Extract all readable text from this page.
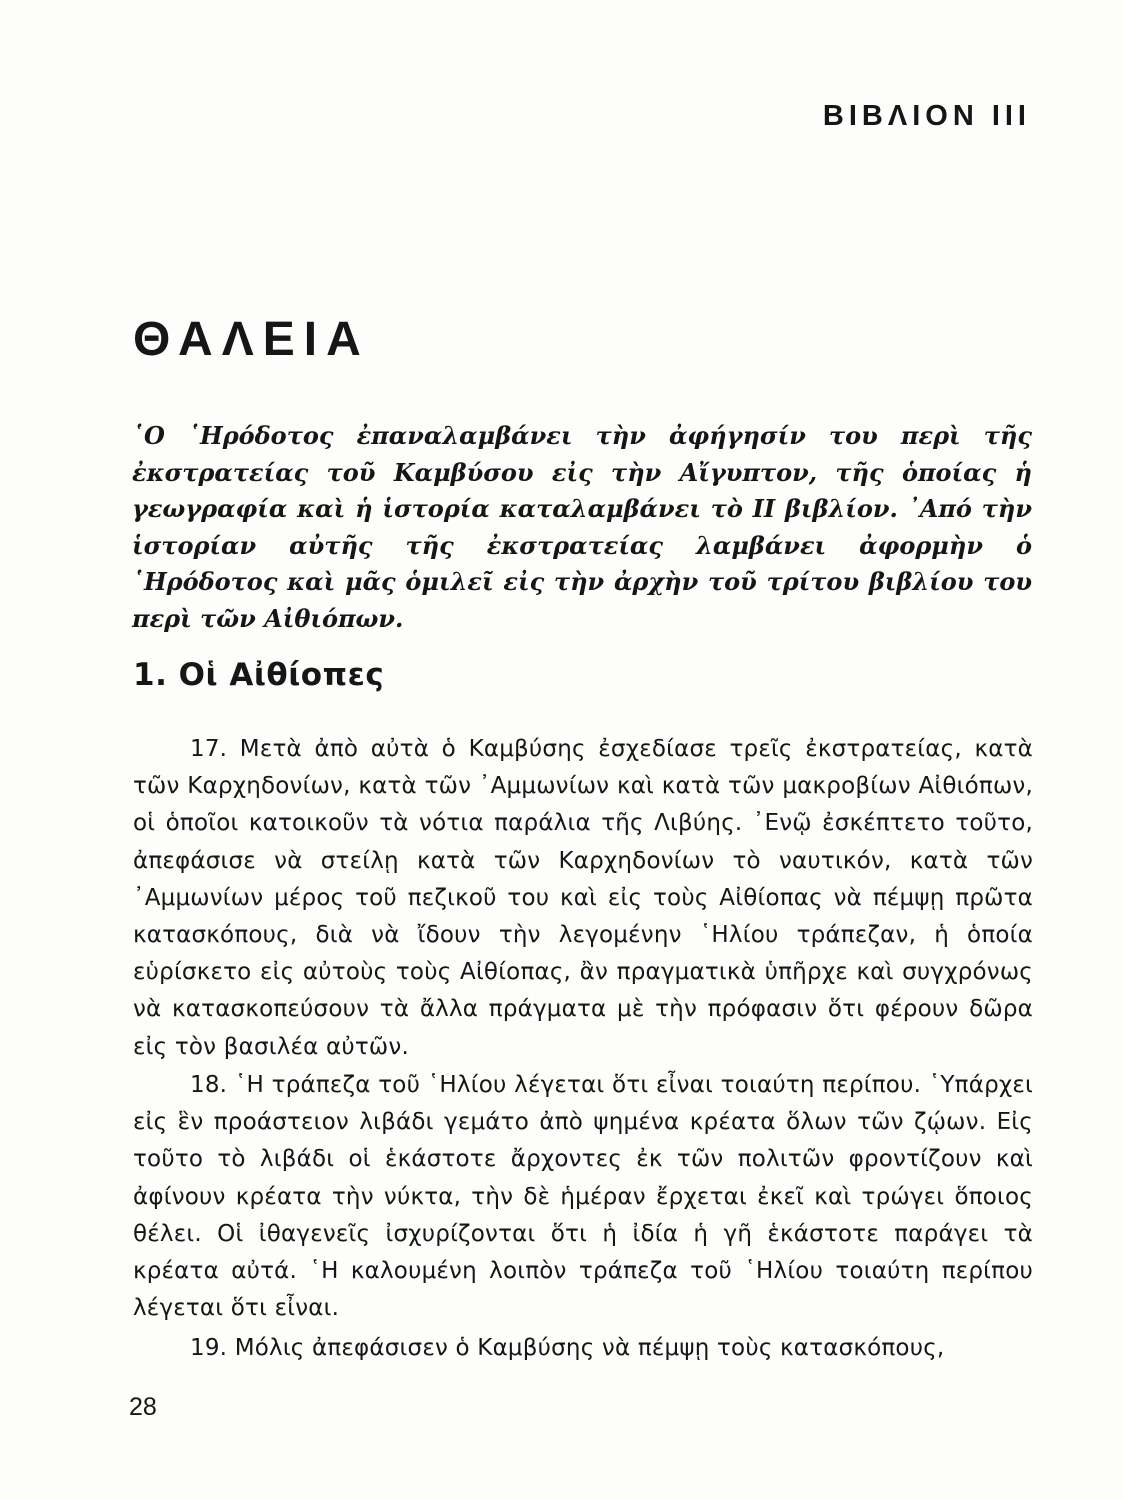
ΒΙΒΛΙΟΝ III
ΘΑΛΕΙΑ

῾Ο ῾Ηρόδοτος ἐπαναλαμβάνει τὴν ἀφήγησίν του περὶ τῆς ἐκστρατείας τοῦ Καμβύσου εἰς τὴν Αἴγυπτον, τῆς ὁποίας ἡ γεωγραφία καὶ ἡ ἱστορία καταλαμβάνει τὸ II βιβλίον. ᾿Από τὴν ἱστορίαν αὐτῆς τῆς ἐκστρατείας λαμβάνει ἀφορμὴν ὁ ῾Ηρόδοτος καὶ μᾶς ὁμιλεῖ εἰς τὴν ἀρχὴν τοῦ τρίτου βιβλίου του περὶ τῶν Αἰθιόπων.

1. Οἱ Αἰθίοπες

17. Μετὰ ἀπὸ αὐτὰ ὁ Καμβύσης ἐσχεδίασε τρεῖς ἐκστρατείας, κατὰ τῶν Καρχηδονίων, κατὰ τῶν ᾿Αμμωνίων καὶ κατὰ τῶν μακροβίων Αἰθιόπων, οἱ ὁποῖοι κατοικοῦν τὰ νότια παράλια τῆς Λιβύης. ᾿Ενῷ ἐσκέπτετο τοῦτο, ἀπεφάσισε νὰ στείλῃ κατὰ τῶν Καρχηδονίων τὸ ναυτικόν, κατὰ τῶν ᾿Αμμωνίων μέρος τοῦ πεζικοῦ του καὶ εἰς τοὺς Αἰθίοπας νὰ πέμψῃ πρῶτα κατασκόπους, διὰ νὰ ἴδουν τὴν λεγομένην ῾Ηλίου τράπεζαν, ἡ ὁποία εὑρίσκετο εἰς αὐτοὺς τοὺς Αἰθίοπας, ἂν πραγματικὰ ὑπῆρχε καὶ συγχρόνως νὰ κατασκοπεύσουν τὰ ἄλλα πράγματα μὲ τὴν πρόφασιν ὅτι φέρουν δῶρα εἰς τὸν βασιλέα αὐτῶν.

18. ῾Η τράπεζα τοῦ ῾Ηλίου λέγεται ὅτι εἶναι τοιαύτη περίπου. ῾Υπάρχει εἰς ἓν προάστειον λιβάδι γεμάτο ἀπὸ ψημένα κρέατα ὅλων τῶν ζῴων. Εἰς τοῦτο τὸ λιβάδι οἱ ἑκάστοτε ἄρχοντες ἐκ τῶν πολιτῶν φροντίζουν καὶ ἀφίνουν κρέατα τὴν νύκτα, τὴν δὲ ἡμέραν ἔρχεται ἐκεῖ καὶ τρώγει ὅποιος θέλει. Οἱ ἰθαγενεῖς ἰσχυρίζονται ὅτι ἡ ἰδία ἡ γῆ ἑκάστοτε παράγει τὰ κρέατα αὐτά. ῾Η καλουμένη λοιπὸν τράπεζα τοῦ ῾Ηλίου τοιαύτη περίπου λέγεται ὅτι εἶναι.

19. Μόλις ἀπεφάσισεν ὁ Καμβύσης νὰ πέμψῃ τοὺς κατασκόπους,

28
